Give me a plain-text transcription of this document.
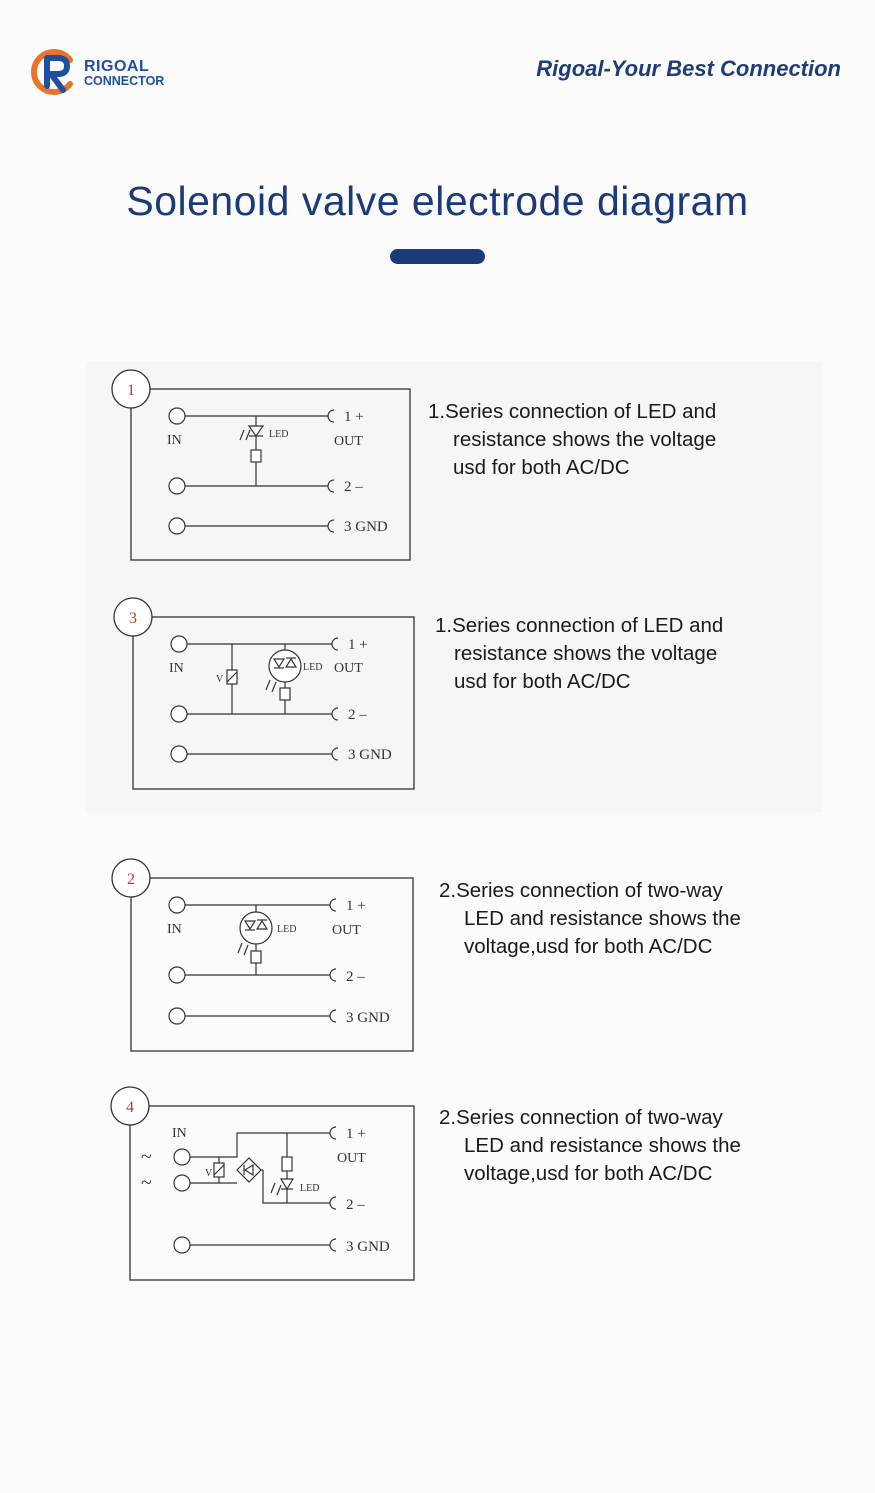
RIGOAL
CONNECTOR	Rigoal-Your Best Connection
Solenoid valve electrode diagram
1
IN	LED
1 +
OUT
2 –
3 GND
1.Series connection of LED and
resistance shows the voltage
usd for both AC/DC
3
V
IN	LED
1 +
OUT
2 –
3 GND
1.Series connection of LED and
resistance shows the voltage
usd for both AC/DC
2
IN	LED
1 +
OUT
2 –
3 GND
2.Series connection of two-way
LED and resistance shows the
voltage,usd for both AC/DC
4
~
~
IN
V
LED
1 +
OUT
2 –
3 GND
2.Series connection of two-way
LED and resistance shows the
voltage,usd for both AC/DC
